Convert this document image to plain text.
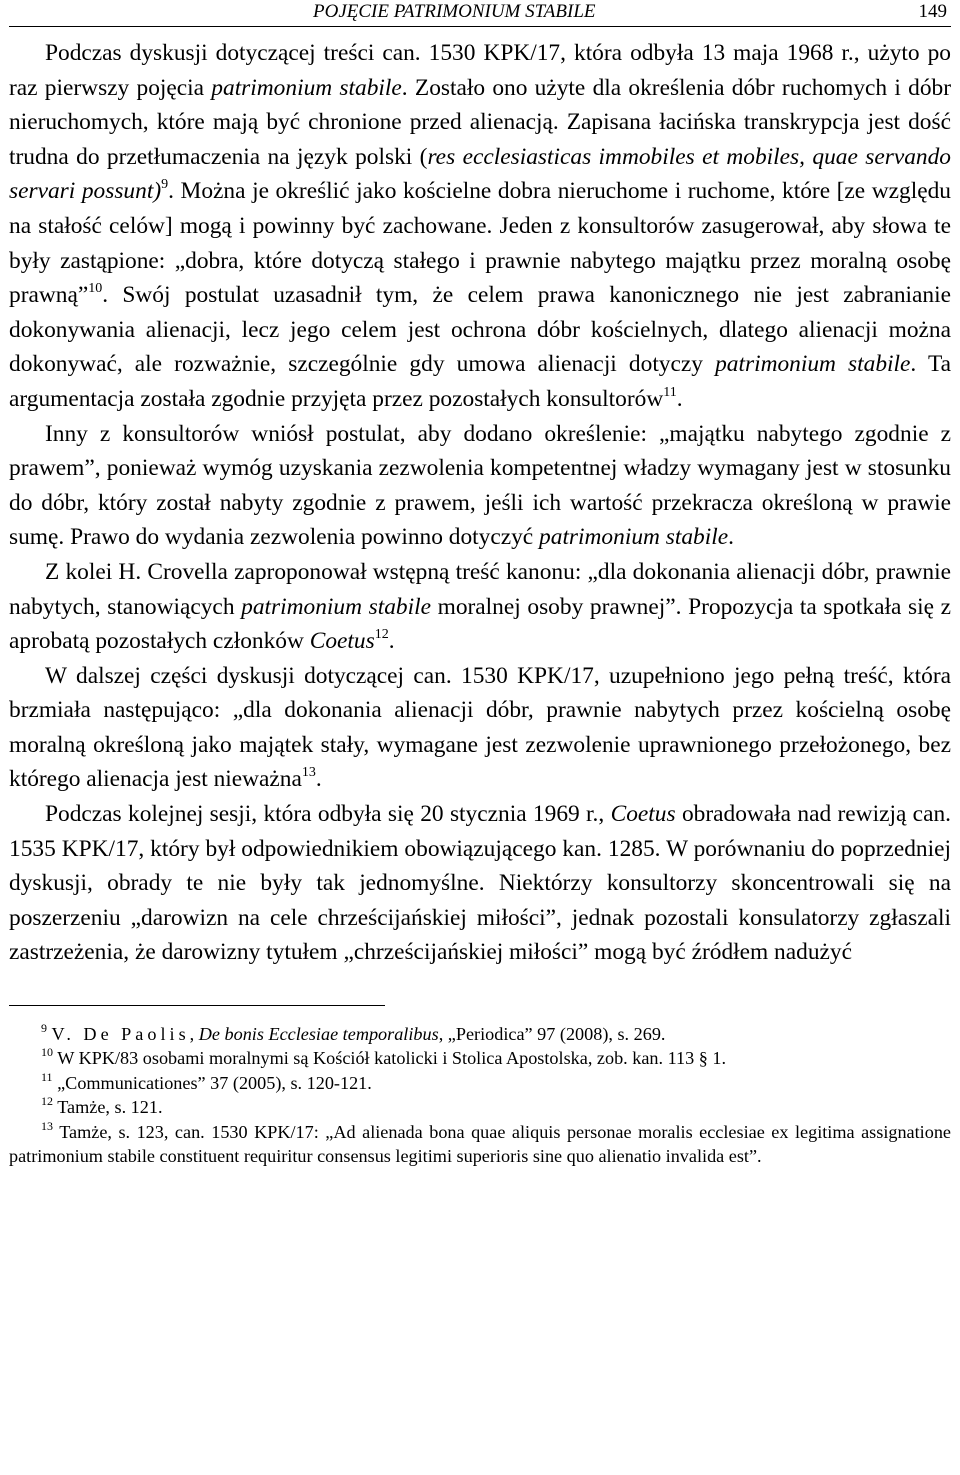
POJĘCIE PATRIMONIUM STABILE	149

Podczas dyskusji dotyczącej treści can. 1530 KPK/17, która odbyła 13 maja 1968 r., użyto po raz pierwszy pojęcia patrimonium stabile. Zostało ono użyte dla określenia dóbr ruchomych i dóbr nieruchomych, które mają być chronione przed alienacją. Zapisana łacińska transkrypcja jest dość trudna do przetłumaczenia na język polski (res ecclesiasticas immobiles et mobiles, quae servando servari possunt)$^9$. Można je określić jako kościelne dobra nieruchome i ruchome, które [ze względu na stałość celów] mogą i powinny być zachowane. Jeden z konsultorów zasugerował, aby słowa te były zastąpione: „dobra, które dotyczą stałego i prawnie nabytego majątku przez moralną osobę prawną”$^{10}$. Swój postulat uzasadnił tym, że celem prawa kanonicznego nie jest zabranianie dokonywania alienacji, lecz jego celem jest ochrona dóbr kościelnych, dlatego alienacji można dokonywać, ale rozważnie, szczególnie gdy umowa alienacji dotyczy patrimonium stabile. Ta argumentacja została zgodnie przyjęta przez pozostałych konsultorów$^{11}$.

Inny z konsultorów wniósł postulat, aby dodano określenie: „majątku nabytego zgodnie z prawem”, ponieważ wymóg uzyskania zezwolenia kompetentnej władzy wymagany jest w stosunku do dóbr, który został nabyty zgodnie z prawem, jeśli ich wartość przekracza określoną w prawie sumę. Prawo do wydania zezwolenia powinno dotyczyć patrimonium stabile.

Z kolei H. Crovella zaproponował wstępną treść kanonu: „dla dokonania alienacji dóbr, prawnie nabytych, stanowiących patrimonium stabile moralnej osoby prawnej”. Propozycja ta spotkała się z aprobatą pozostałych członków Coetus$^{12}$.

W dalszej części dyskusji dotyczącej can. 1530 KPK/17, uzupełniono jego pełną treść, która brzmiała następująco: „dla dokonania alienacji dóbr, prawnie nabytych przez kościelną osobę moralną określoną jako majątek stały, wymagane jest zezwolenie uprawnionego przełożonego, bez którego alienacja jest nieważna$^{13}$.

Podczas kolejnej sesji, która odbyła się 20 stycznia 1969 r., Coetus obradowała nad rewizją can. 1535 KPK/17, który był odpowiednikiem obowiązującego kan. 1285. W porównaniu do poprzedniej dyskusji, obrady te nie były tak jednomyślne. Niektórzy konsultorzy skoncentrowali się na poszerzeniu „darowizn na cele chrześcijańskiej miłości”, jednak pozostali konsulatorzy zgłaszali zastrzeżenia, że darowizny tytułem „chrześcijańskiej miłości” mogą być źródłem nadużyć

$^9$ V. De Paolis, De bonis Ecclesiae temporalibus, „Periodica” 97 (2008), s. 269.

$^{10}$ W KPK/83 osobami moralnymi są Kościół katolicki i Stolica Apostolska, zob. kan. 113 § 1.

$^{11}$ „Communicationes” 37 (2005), s. 120-121.

$^{12}$ Tamże, s. 121.

$^{13}$ Tamże, s. 123, can. 1530 KPK/17: „Ad alienada bona quae aliquis personae moralis ecclesiae ex legitima assignatione patrimonium stabile constituent requiritur consensus legitimi superioris sine quo alienatio invalida est”.
